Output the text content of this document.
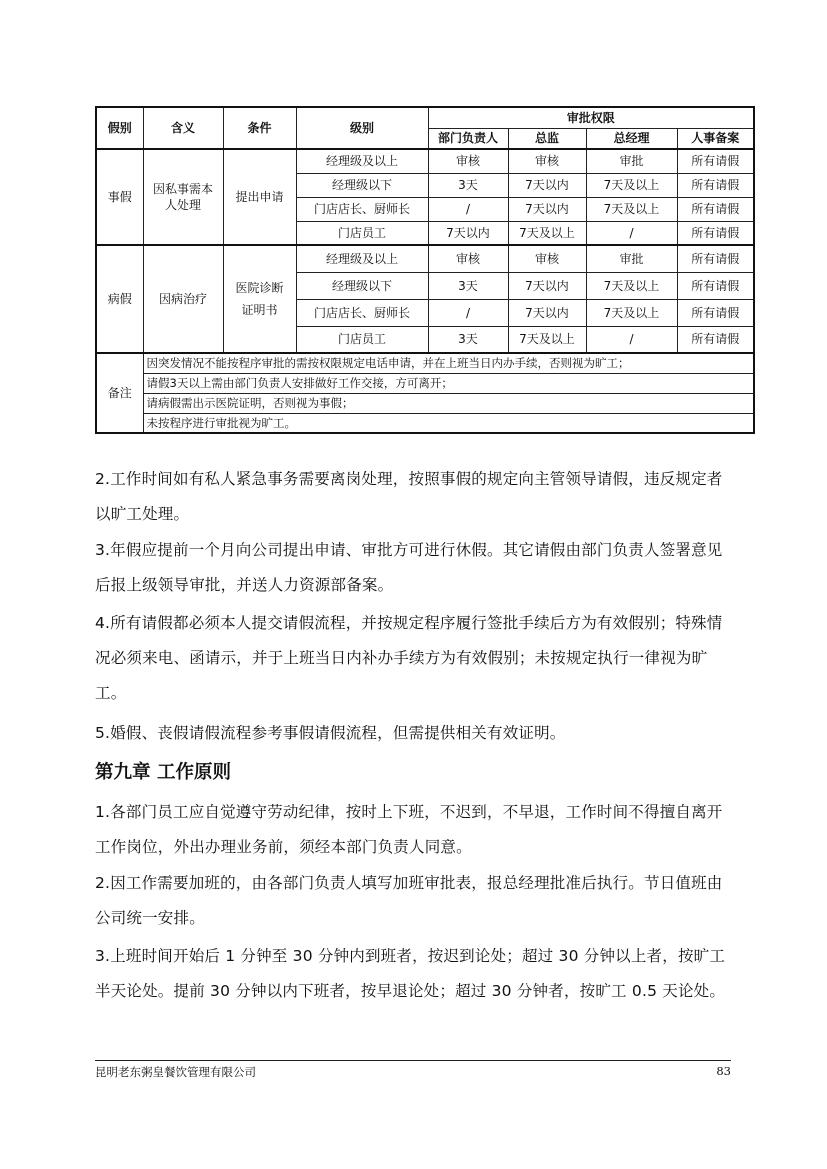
假别	含义	条件	级别	审批权限			
				部门负责人	总监	总经理	人事备案
事假	因私事需本人处理	提出申请	经理级及以上	审核	审核	审批	所有请假
			经理级以下	3天	7天以内	7天及以上	所有请假
			门店店长、厨师长	/	7天以内	7天及以上	所有请假
			门店员工	7天以内	7天及以上	/	所有请假
病假	因病治疗	医院诊断证明书	经理级及以上	审核	审核	审批	所有请假
			经理级以下	3天	7天以内	7天及以上	所有请假
			门店店长、厨师长	/	7天以内	7天及以上	所有请假
			门店员工	3天	7天及以上	/	所有请假
备注	因突发情况不能按程序审批的需按权限规定电话申请，并在上班当日内办手续，否则视为旷工；						
	请假3天以上需由部门负责人安排做好工作交接，方可离开；						
	请病假需出示医院证明，否则视为事假；						
	未按程序进行审批视为旷工。						

2.工作时间如有私人紧急事务需要离岗处理，按照事假的规定向主管领导请假，违反规定者以旷工处理。

3.年假应提前一个月向公司提出申请、审批方可进行休假。其它请假由部门负责人签署意见后报上级领导审批，并送人力资源部备案。

4.所有请假都必须本人提交请假流程，并按规定程序履行签批手续后方为有效假别；特殊情况必须来电、函请示，并于上班当日内补办手续方为有效假别；未按规定执行一律视为旷工。

5.婚假、丧假请假流程参考事假请假流程，但需提供相关有效证明。

第九章 工作原则

1.各部门员工应自觉遵守劳动纪律，按时上下班，不迟到，不早退，工作时间不得擅自离开工作岗位，外出办理业务前，须经本部门负责人同意。

2.因工作需要加班的，由各部门负责人填写加班审批表，报总经理批准后执行。节日值班由公司统一安排。

3.上班时间开始后 1 分钟至 30 分钟内到班者，按迟到论处；超过 30 分钟以上者，按旷工半天论处。提前 30 分钟以内下班者，按早退论处；超过 30 分钟者，按旷工 0.5 天论处。

昆明老东粥皇餐饮管理有限公司	83
